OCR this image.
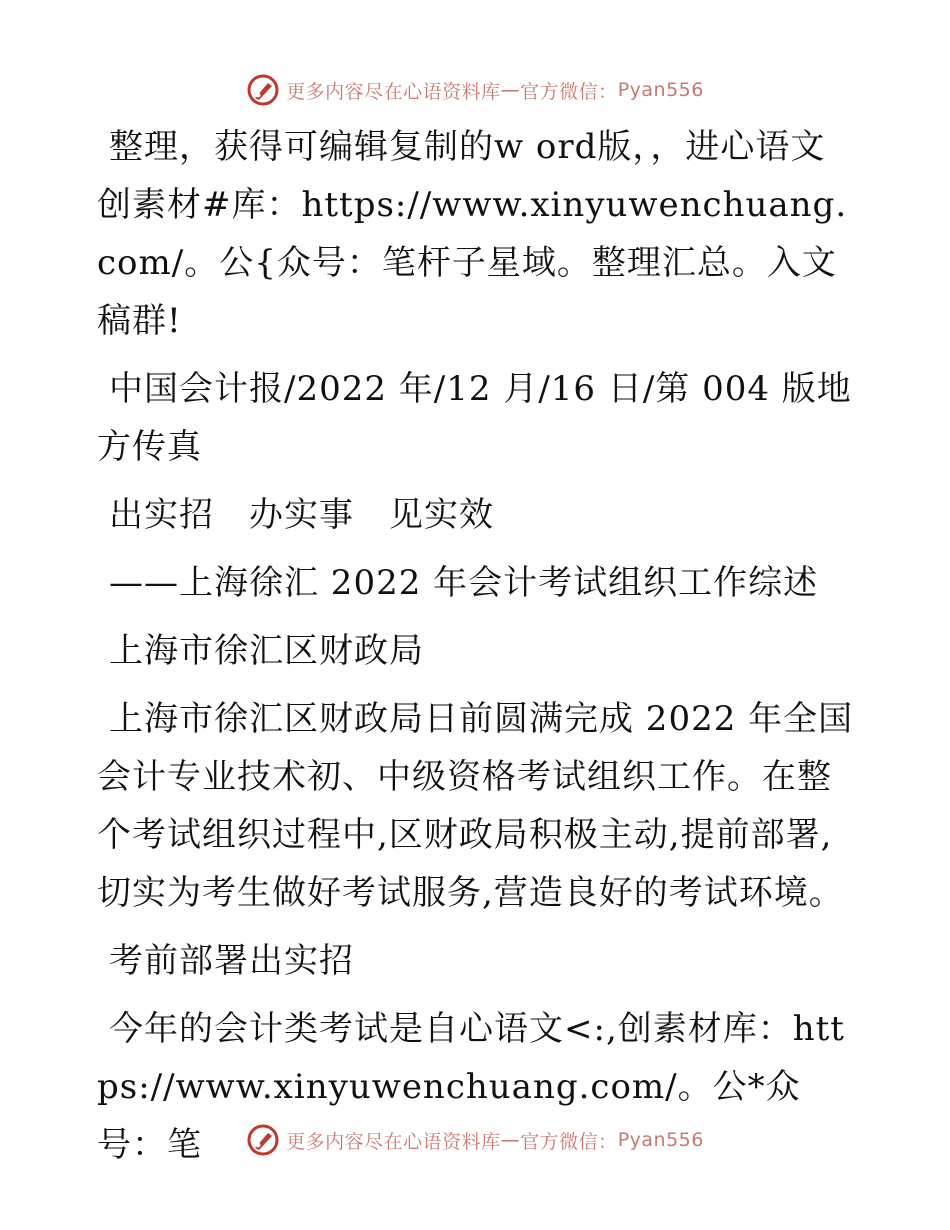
更多内容尽在心语资料库 — 官方微信： Pyan556

整理，获得可编辑复制的w ord版，，进心语文创素材#库：https://www.xinyuwenchuang.com/。公{众号：笔杆子星域。整理汇总。入文稿群!

中国会计报/2022 年/12 月/16 日/第 004 版地方传真

出实招　办实事　见实效

——上海徐汇 2022 年会计考试组织工作综述

上海市徐汇区财政局

上海市徐汇区财政局日前圆满完成 2022 年全国会计专业技术初、中级资格考试组织工作。在整个考试组织过程中,区财政局积极主动,提前部署,切实为考生做好考试服务,营造良好的考试环境。

考前部署出实招

今年的会计类考试是自心语文<:,创素材库：https://www.xinyuwenchuang.com/。公*众号：笔	更多内容尽在心语资料库 — 官方微信： Pyan556
